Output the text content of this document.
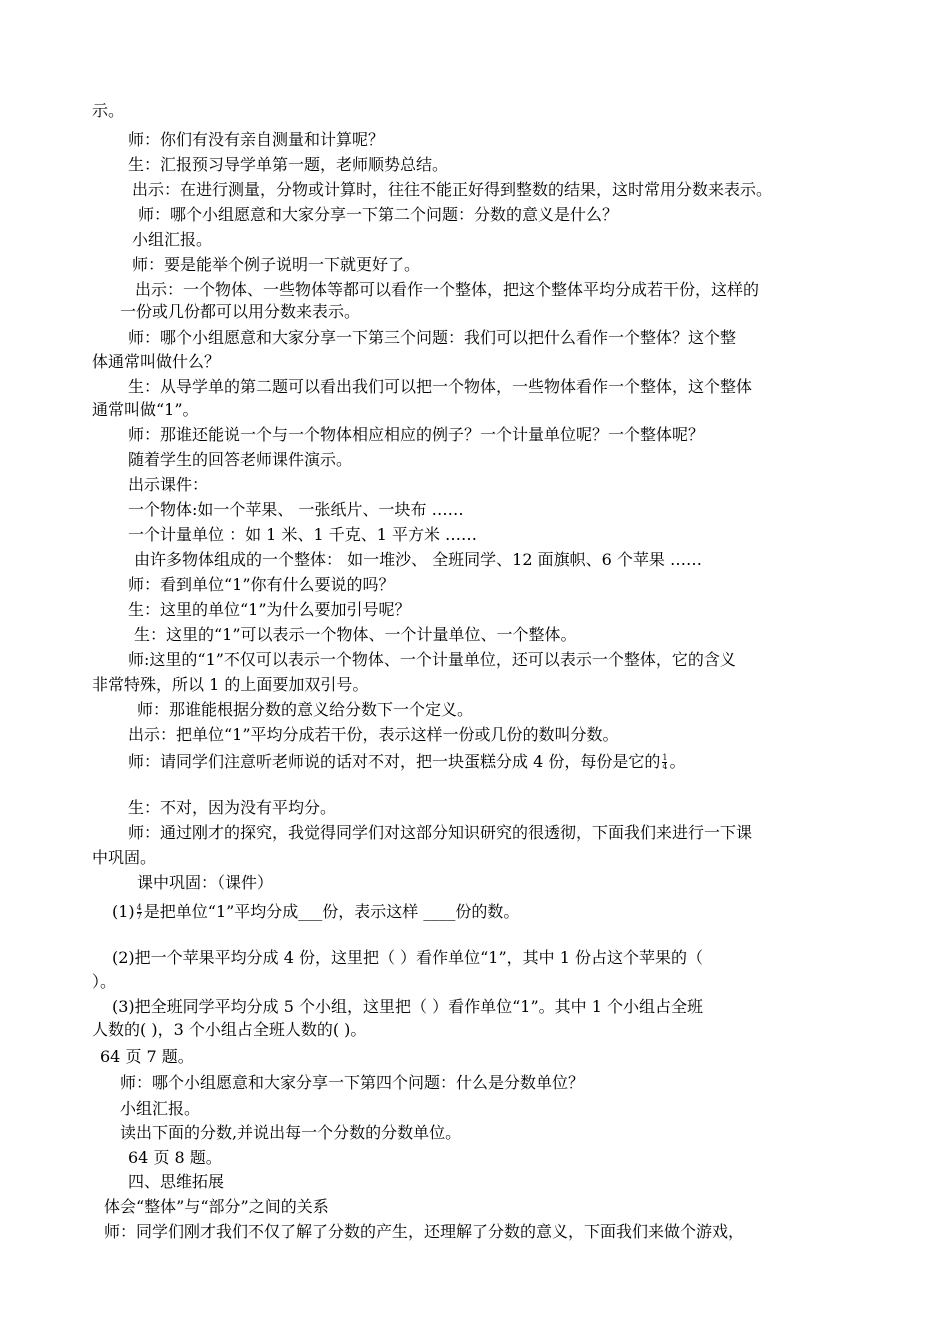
示。
师：你们有没有亲自测量和计算呢？
生：汇报预习导学单第一题，老师顺势总结。
出示：在进行测量，分物或计算时，往往不能正好得到整数的结果，这时常用分数来表示。
师：哪个小组愿意和大家分享一下第二个问题：分数的意义是什么？
小组汇报。
师：要是能举个例子说明一下就更好了。
出示：一个物体、一些物体等都可以看作一个整体，把这个整体平均分成若干份，这样的
一份或几份都可以用分数来表示。
师：哪个小组愿意和大家分享一下第三个问题：我们可以把什么看作一个整体？这个整
体通常叫做什么？
生：从导学单的第二题可以看出我们可以把一个物体，一些物体看作一个整体，这个整体
通常叫做“1”。
师：那谁还能说一个与一个物体相应相应的例子？一个计量单位呢？一个整体呢？
随着学生的回答老师课件演示。
出示课件：
一个物体:如一个苹果、 一张纸片、一块布 ……
一个计量单位 ：如 1 米、1 千克、1 平方米 ……
由许多物体组成的一个整体： 如一堆沙、 全班同学、12 面旗帜、6 个苹果 ……
师：看到单位“1”你有什么要说的吗？
生：这里的单位“1”为什么要加引号呢？
生：这里的“1”可以表示一个物体、一个计量单位、一个整体。
师:这里的“1”不仅可以表示一个物体、一个计量单位，还可以表示一个整体，它的含义
非常特殊，所以 1 的上面要加双引号。
师：那谁能根据分数的意义给分数下一个定义。
出示：把单位“1”平均分成若干份，表示这样一份或几份的数叫分数。
师：请同学们注意听老师说的话对不对，把一块蛋糕分成 4 份，每份是它的 $\frac{1}{4}$ 。
生：不对，因为没有平均分。
师：通过刚才的探究，我觉得同学们对这部分知识研究的很透彻，下面我们来进行一下课
中巩固。
课中巩固：（课件）
$(1) \frac{4}{7}$ 是把单位“1”平均分成___份，表示这样 ____份的数。
(2)把一个苹果平均分成 4 份，这里把（ ）看作单位“1”，其中 1 份占这个苹果的（
）。
(3)把全班同学平均分成 5 个小组，这里把（ ）看作单位“1”。其中 1 个小组占全班
人数的( )，3 个小组占全班人数的( )。
64 页 7 题。
师：哪个小组愿意和大家分享一下第四个问题：什么是分数单位？
小组汇报。
读出下面的分数,并说出每一个分数的分数单位。
64 页 8 题。
四、思维拓展
体会“整体”与“部分”之间的关系
师：同学们刚才我们不仅了解了分数的产生，还理解了分数的意义，下面我们来做个游戏，
